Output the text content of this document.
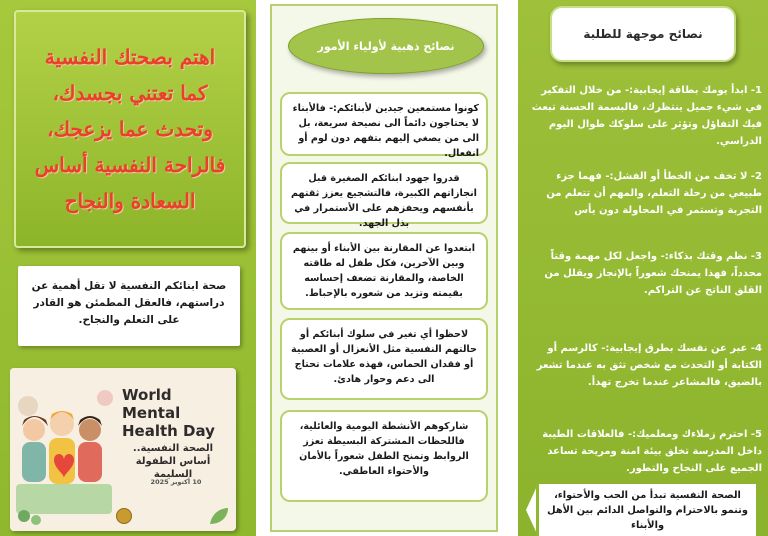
اهتم بصحتك النفسية
كما تعتني بجسدك،
وتحدث عما يزعجك،
فالراحة النفسية أساس
السعادة والنجاح
صحة ابنائكم النفسية لا تقل أهمية عن دراستهم، فالعقل المطمئن هو القادر على التعلم والنجاح.
World Mental
Health Day
الصحة النفسية..
أساس الطفولة السليمة
10 أكتوبر 2025
نصائح ذهبية لأولياء الأمور
كونوا مستمعين جيدين لأبنائكم:- فالأبناء لا يحتاجون دائماً الى نصيحة سريعة، بل الى من يصغي إليهم بتفهم دون لوم أو انفعال.
قدروا جهود ابنائكم الصغيرة قبل انجازاتهم الكبيرة، فالتشجيع يعزز ثقتهم بأنفسهم ويحفزهم على الأستمرار في بذل الجهد.
ابتعدوا عن المقارنة بين الأبناء أو بينهم وبين الآخرين، فكل طفل له طاقته الخاصة، والمقارنة تضعف إحساسه بقيمته وتزيد من شعوره بالإحباط.
لاحظوا أي تغير في سلوك أبنائكم أو حالتهم النفسية مثل الأنعزال أو العصبية أو فقدان الحماس، فهذه علامات تحتاج الى دعم وحوار هادئ.
شاركوهم الأنشطة اليومية والعائلية، فاللحظات المشتركة البسيطة تعزز الروابط وتمنح الطفل شعوراً بالأمان والأحتواء العاطفي.
نصائح موجهة للطلبة
1- ابدأ يومك بطاقة إيجابية:- من خلال التفكير في شيء جميل ينتظرك، فالبسمة الحسنة تبعث فيك التفاؤل وتؤثر على سلوكك طوال اليوم الدراسي.
2- لا تخف من الخطأ أو الفشل:- فهما جزء طبيعي من رحلة التعلم، والمهم أن تتعلم من التجربة وتستمر في المحاولة دون يأس
3- نظم وقتك بذكاء:- واجعل لكل مهمة وقتاً محدداً، فهذا يمنحك شعوراً بالإنجاز ويقلل من القلق الناتج عن التراكم.
4- عبر عن نفسك بطرق إيجابية:- كالرسم أو الكتابة أو التحدث مع شخص تثق به عندما تشعر بالضيق، فالمشاعر عندما تخرج تهدأ.
5- احترم زملاءك ومعلميك:- فالعلاقات الطيبة داخل المدرسة تخلق بيئة امنة ومريحة تساعد الجميع على النجاح والتطور.
الصحة النفسية تبدأ من الحب والأحتواء، وتنمو بالاحترام والتواصل الدائم بين الأهل والأبناء
